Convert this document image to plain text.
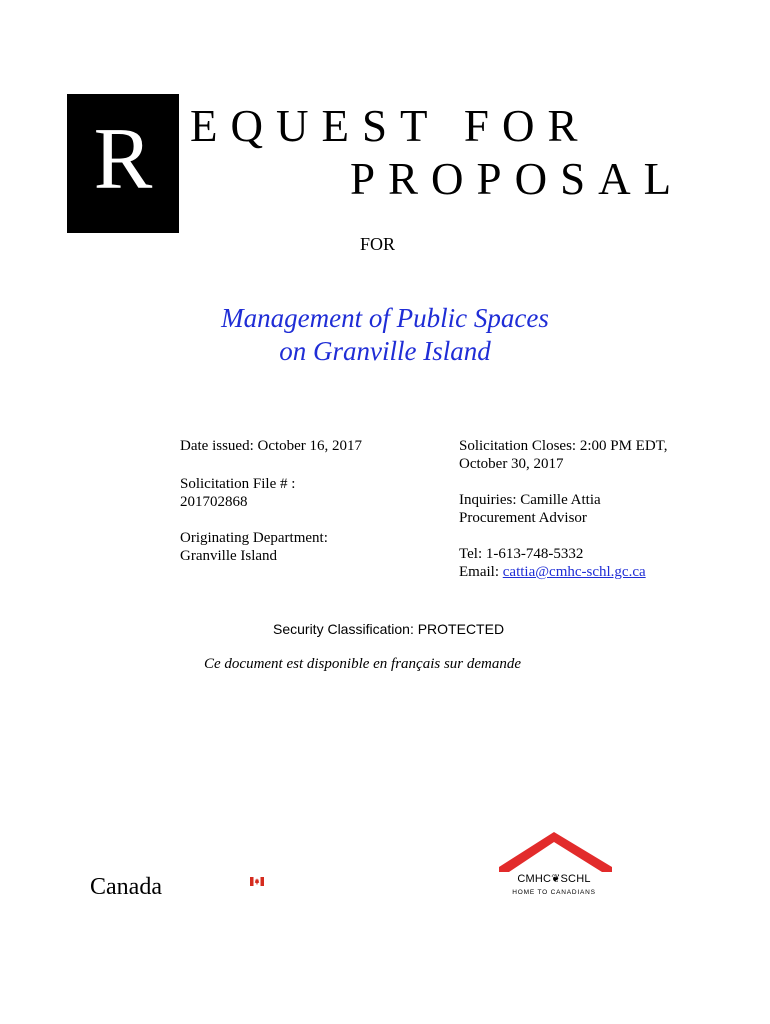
R EQUEST FOR
PROPOSAL
FOR
Management of Public Spaces
on Granville Island
Date issued: October 16, 2017
Solicitation File # :
201702868
Originating Department:
Granville Island
Solicitation Closes: 2:00 PM EDT,
October 30, 2017
Inquiries: Camille Attia
Procurement Advisor
Tel: 1-613-748-5332
Email: cattia@cmhc-schl.gc.ca
Security Classification: PROTECTED
Ce document est disponible en français sur demande
Canada	CMHC❦SCHL
HOME TO CANADIANS
